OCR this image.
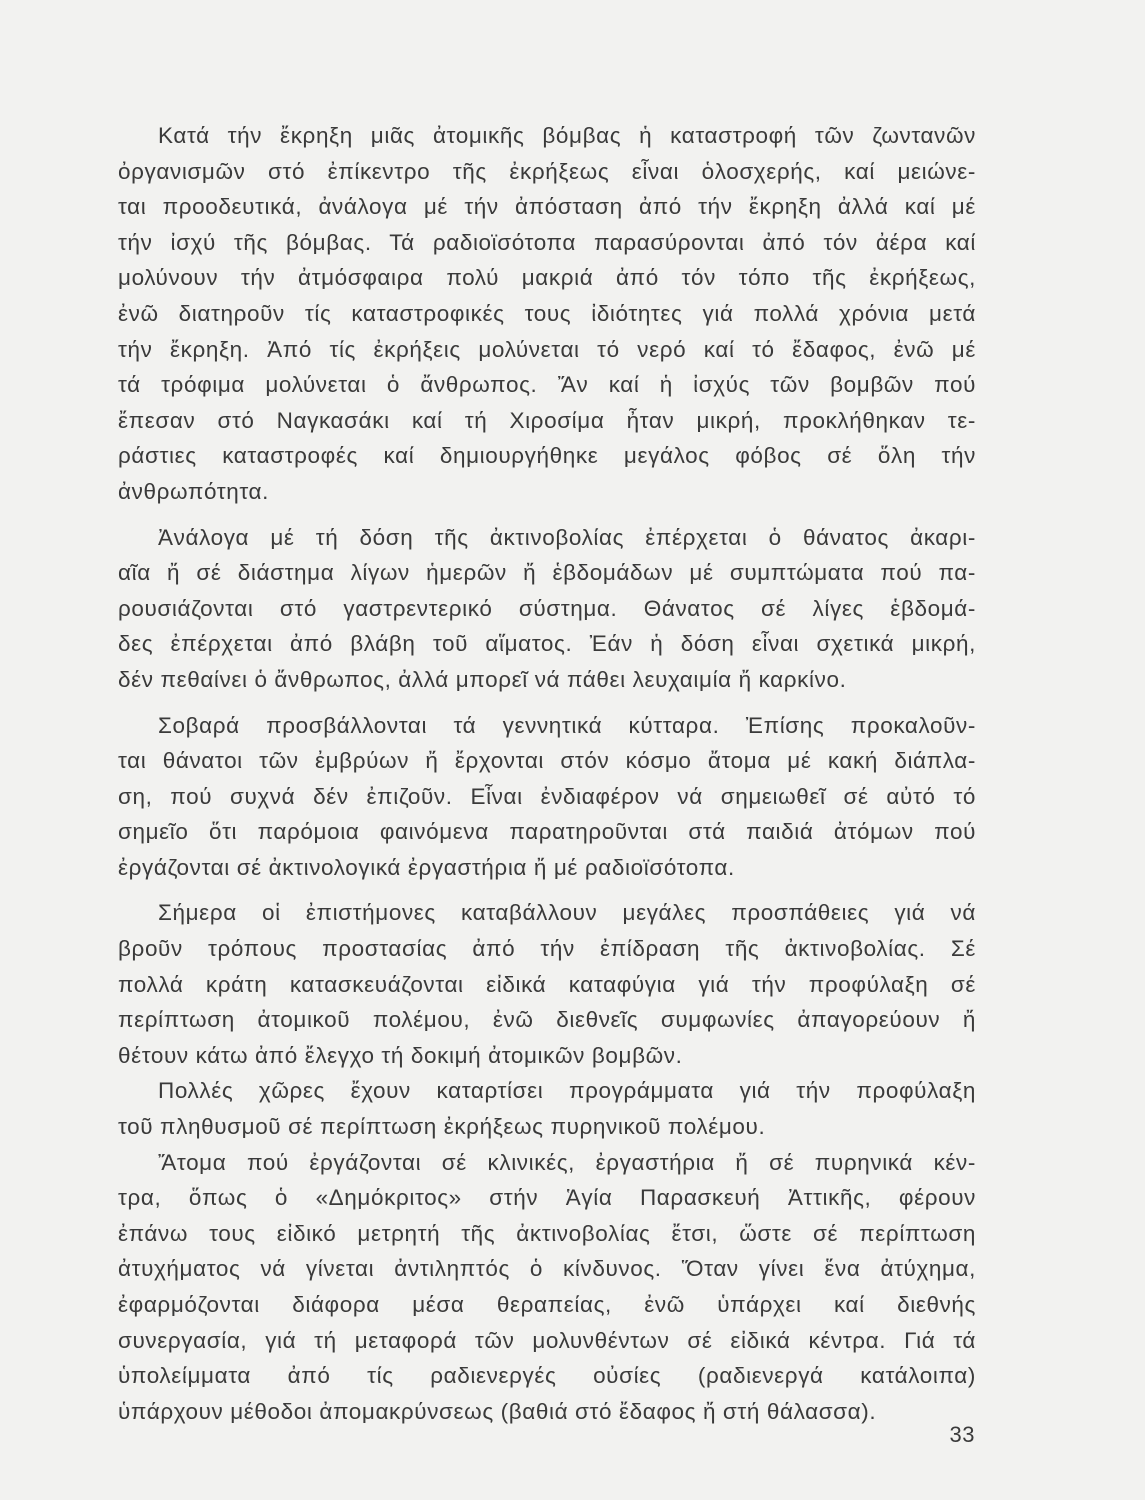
Κατά τήν ἔκρηξη μιᾶς ἀτομικῆς βόμβας ἡ καταστροφή τῶν ζωντανῶν
ὀργανισμῶν στό ἐπίκεντρο τῆς ἐκρήξεως εἶναι ὁλοσχερής, καί μειώνε-
ται προοδευτικά, ἀνάλογα μέ τήν ἀπόσταση ἀπό τήν ἔκρηξη ἀλλά καί μέ
τήν ἰσχύ τῆς βόμβας. Τά ραδιοϊσότοπα παρασύρονται ἀπό τόν ἀέρα καί
μολύνουν τήν ἀτμόσφαιρα πολύ μακριά ἀπό τόν τόπο τῆς ἐκρήξεως,
ἐνῶ διατηροῦν τίς καταστροφικές τους ἰδιότητες γιά πολλά χρόνια μετά
τήν ἔκρηξη. Ἀπό τίς ἐκρήξεις μολύνεται τό νερό καί τό ἔδαφος, ἐνῶ μέ
τά τρόφιμα μολύνεται ὁ ἄνθρωπος. Ἄν καί ἡ ἰσχύς τῶν βομβῶν πού
ἔπεσαν στό Ναγκασάκι καί τή Χιροσίμα ἦταν μικρή, προκλήθηκαν τε-
ράστιες καταστροφές καί δημιουργήθηκε μεγάλος φόβος σέ ὅλη τήν
ἀνθρωπότητα.
Ἀνάλογα μέ τή δόση τῆς ἀκτινοβολίας ἐπέρχεται ὁ θάνατος ἀκαρι-
αῖα ἤ σέ διάστημα λίγων ἡμερῶν ἤ ἑβδομάδων μέ συμπτώματα πού πα-
ρουσιάζονται στό γαστρεντερικό σύστημα. Θάνατος σέ λίγες ἑβδομά-
δες ἐπέρχεται ἀπό βλάβη τοῦ αἵματος. Ἐάν ἡ δόση εἶναι σχετικά μικρή,
δέν πεθαίνει ὁ ἄνθρωπος, ἀλλά μπορεῖ νά πάθει λευχαιμία ἤ καρκίνο.
Σοβαρά προσβάλλονται τά γεννητικά κύτταρα. Ἐπίσης προκαλοῦν-
ται θάνατοι τῶν ἐμβρύων ἤ ἔρχονται στόν κόσμο ἄτομα μέ κακή διάπλα-
ση, πού συχνά δέν ἐπιζοῦν. Εἶναι ἐνδιαφέρον νά σημειωθεῖ σέ αὐτό τό
σημεῖο ὅτι παρόμοια φαινόμενα παρατηροῦνται στά παιδιά ἀτόμων πού
ἐργάζονται σέ ἀκτινολογικά ἐργαστήρια ἤ μέ ραδιοϊσότοπα.
Σήμερα οἱ ἐπιστήμονες καταβάλλουν μεγάλες προσπάθειες γιά νά
βροῦν τρόπους προστασίας ἀπό τήν ἐπίδραση τῆς ἀκτινοβολίας. Σέ
πολλά κράτη κατασκευάζονται εἰδικά καταφύγια γιά τήν προφύλαξη σέ
περίπτωση ἀτομικοῦ πολέμου, ἐνῶ διεθνεῖς συμφωνίες ἀπαγορεύουν ἤ
θέτουν κάτω ἀπό ἔλεγχο τή δοκιμή ἀτομικῶν βομβῶν.
Πολλές χῶρες ἔχουν καταρτίσει προγράμματα γιά τήν προφύλαξη
τοῦ πληθυσμοῦ σέ περίπτωση ἐκρήξεως πυρηνικοῦ πολέμου.
Ἄτομα πού ἐργάζονται σέ κλινικές, ἐργαστήρια ἤ σέ πυρηνικά κέν-
τρα, ὅπως ὁ «Δημόκριτος» στήν Ἁγία Παρασκευή Ἀττικῆς, φέρουν
ἐπάνω τους εἰδικό μετρητή τῆς ἀκτινοβολίας ἔτσι, ὥστε σέ περίπτωση
ἀτυχήματος νά γίνεται ἀντιληπτός ὁ κίνδυνος. Ὅταν γίνει ἕνα ἀτύχημα,
ἐφαρμόζονται διάφορα μέσα θεραπείας, ἐνῶ ὑπάρχει καί διεθνής
συνεργασία, γιά τή μεταφορά τῶν μολυνθέντων σέ εἰδικά κέντρα. Γιά τά
ὑπολείμματα ἀπό τίς ραδιενεργές οὐσίες (ραδιενεργά κατάλοιπα)
ὑπάρχουν μέθοδοι ἀπομακρύνσεως (βαθιά στό ἔδαφος ἤ στή θάλασσα).
33
